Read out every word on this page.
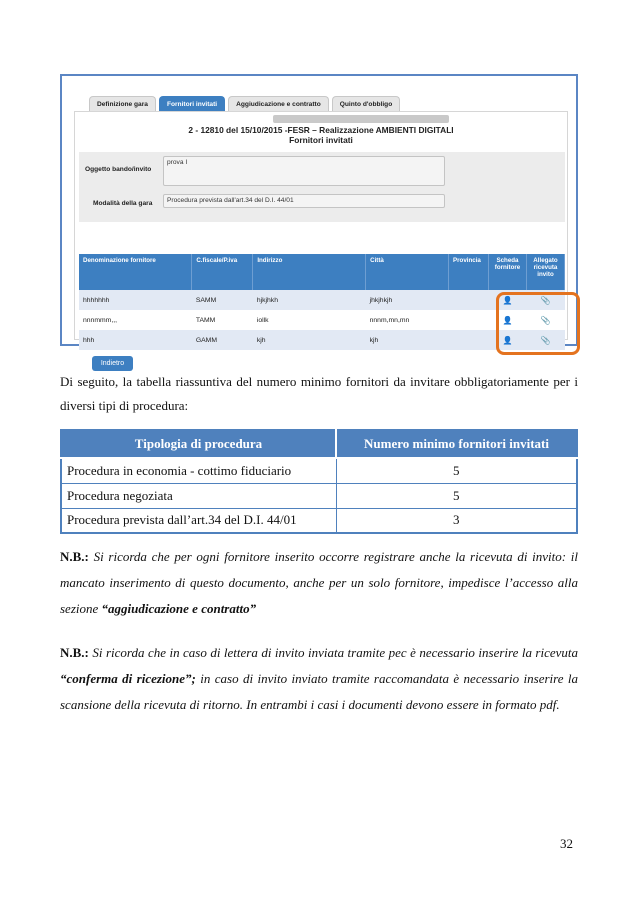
Definizione gara	Fornitori invitati	Aggiudicazione e contratto	Quinto d'obbligo
2 - 12810 del 15/10/2015 -FESR – Realizzazione AMBIENTI DIGITALI
Fornitori invitati
Oggetto bando/invito
prova I
Modalità della gara	Procedura prevista dall'art.34 del D.I. 44/01
Denominazione fornitore	C.fiscale/P.iva	Indirizzo	Città	Provincia	Scheda fornitore	Allegato ricevuta invito
hhhhhhh	SAMM	hjkjhkh	jhkjhkjh		👤	📎
nnnmmm,,,	TAMM	iollk	nnnm,mn,mn		👤	📎
hhh	GAMM	kjh	kjh		👤	📎
Indietro
Di seguito, la tabella riassuntiva del numero minimo fornitori da invitare obbligatoriamente per i
diversi tipi di procedura:
Tipologia di procedura	Numero minimo fornitori invitati
Procedura in economia - cottimo fiduciario	5
Procedura negoziata	5
Procedura prevista dall’art.34 del D.I. 44/01	3
N.B.: Si ricorda che per ogni fornitore inserito occorre registrare anche la ricevuta di invito: il
mancato inserimento di questo documento, anche per un solo fornitore, impedisce l’accesso alla
sezione “aggiudicazione e contratto”
N.B.: Si ricorda che in caso di lettera di invito inviata tramite pec è necessario inserire la ricevuta
“conferma di ricezione”; in caso di invito inviato tramite raccomandata è necessario inserire la
scansione della ricevuta di ritorno. In entrambi i casi i documenti devono essere in formato pdf.
32
